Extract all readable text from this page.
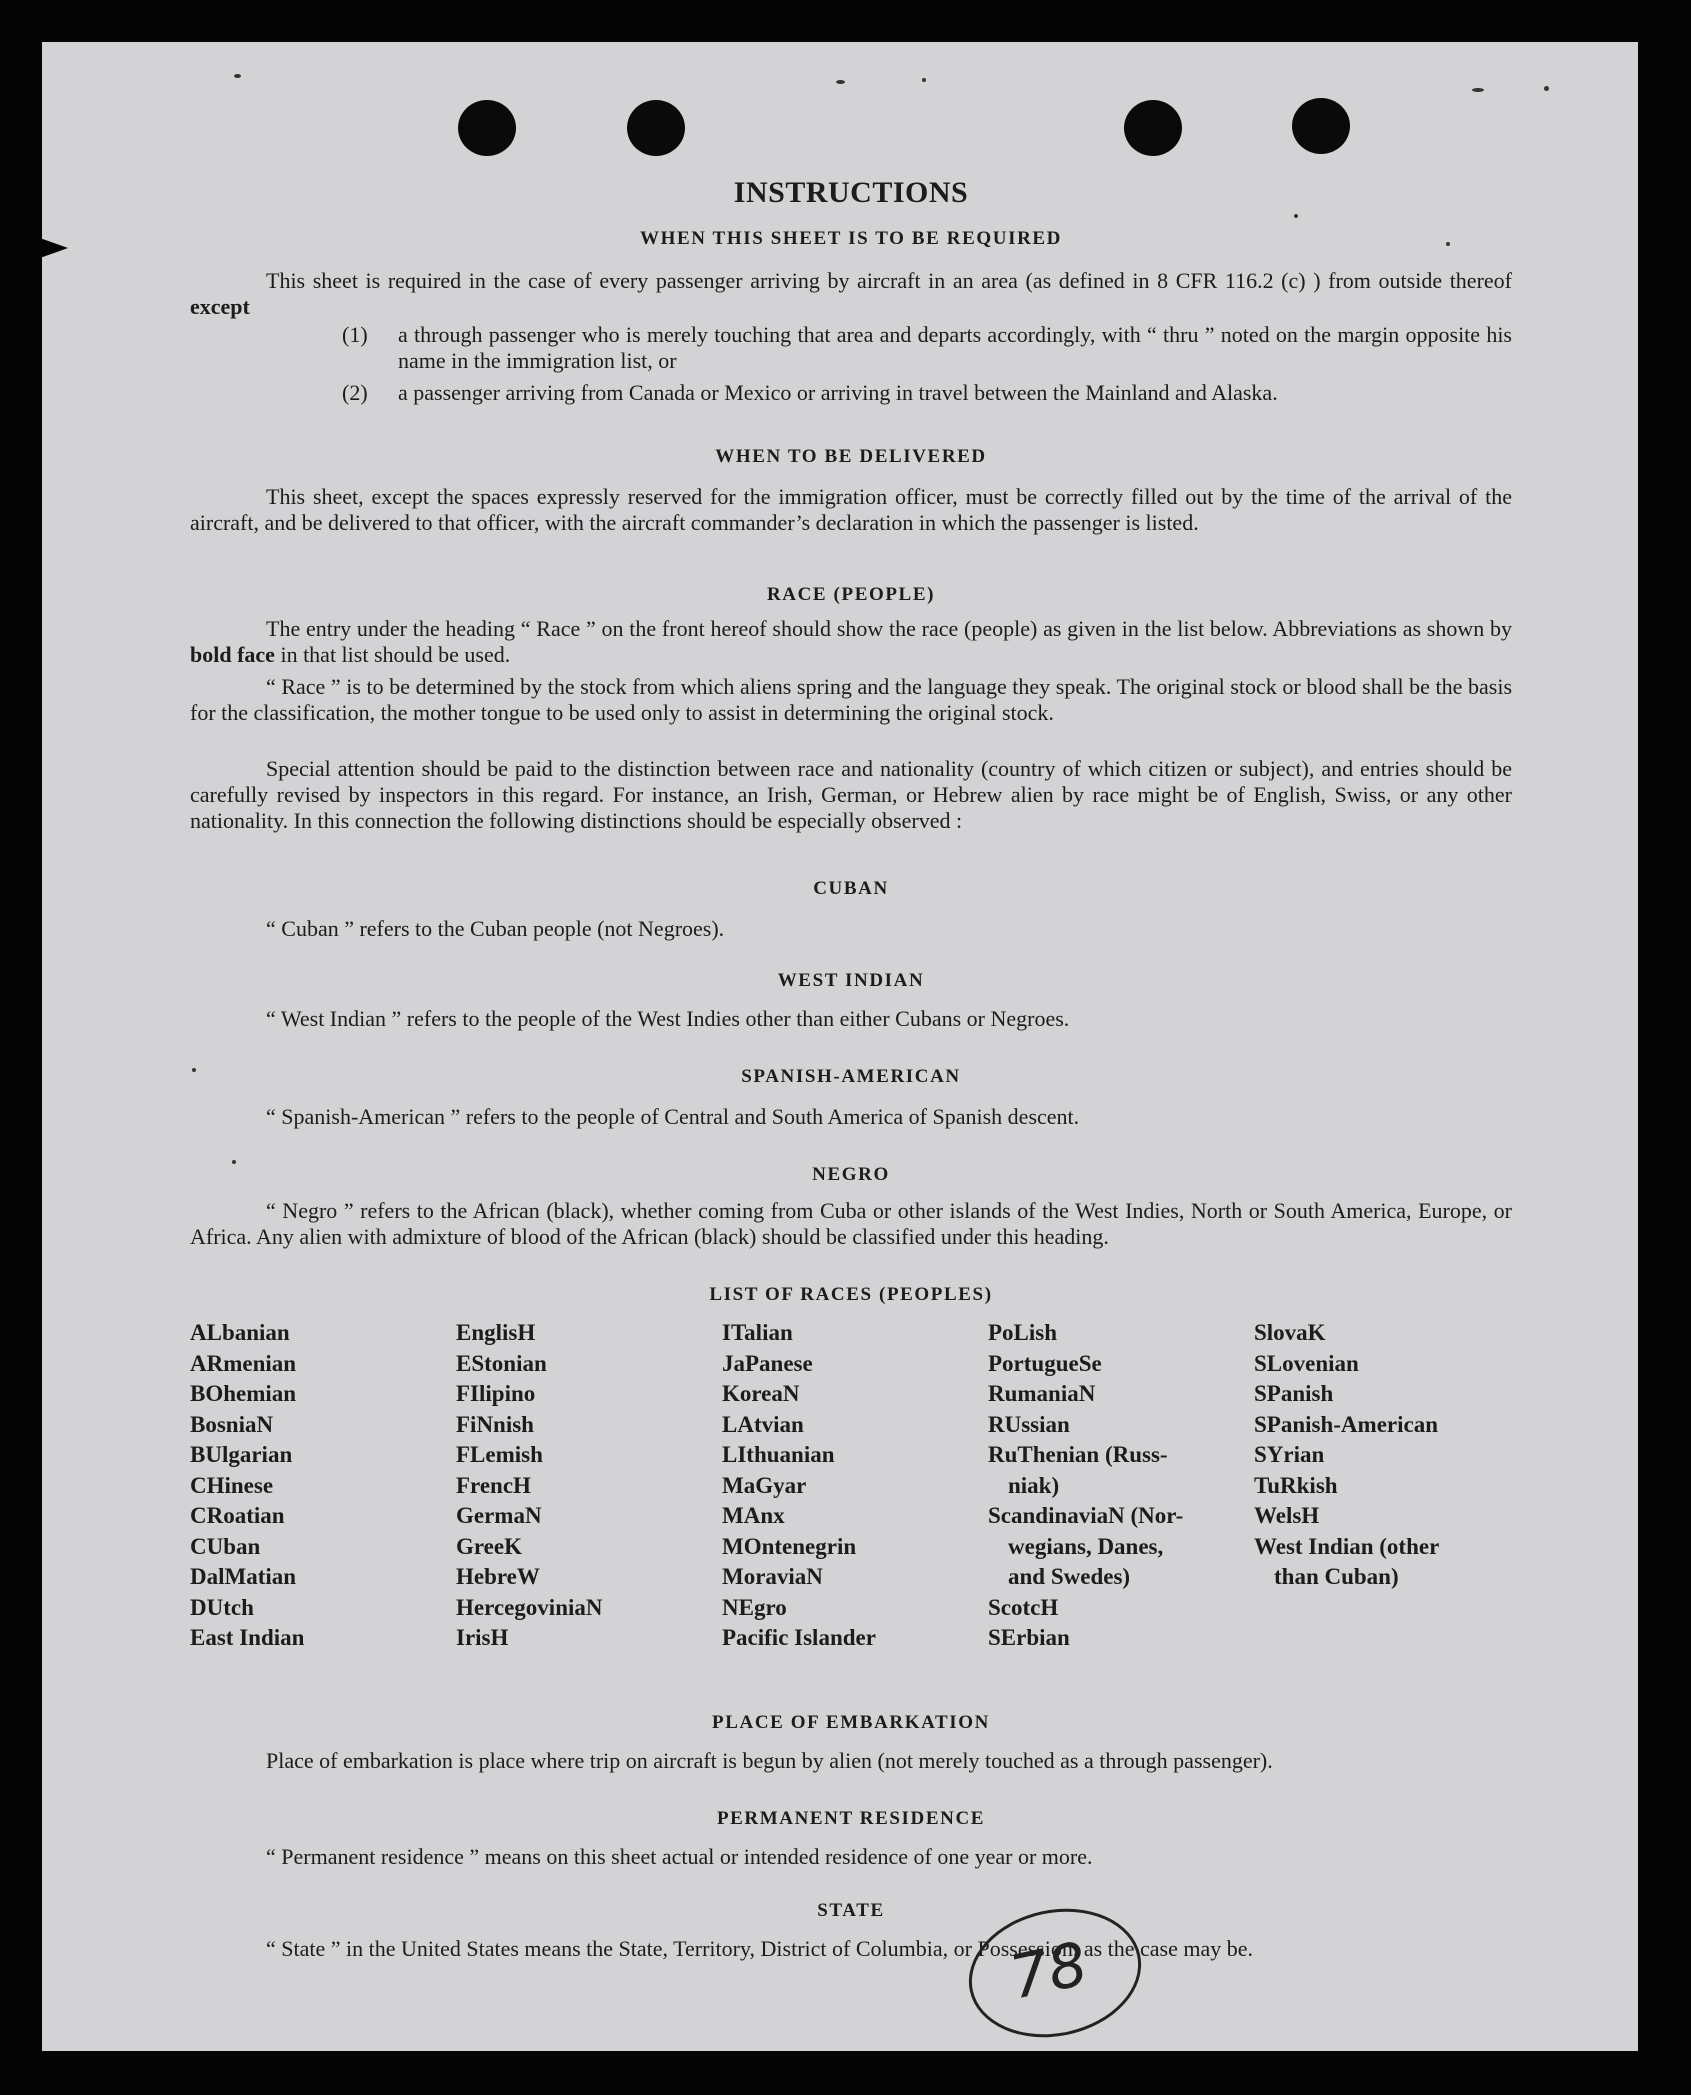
INSTRUCTIONS
WHEN THIS SHEET IS TO BE REQUIRED
This sheet is required in the case of every passenger arriving by aircraft in an area (as defined in 8 CFR 116.2 (c) ) from outside thereof except
(1) a through passenger who is merely touching that area and departs accordingly, with “ thru ” noted on the margin opposite his name in the immigration list, or
(2) a passenger arriving from Canada or Mexico or arriving in travel between the Mainland and Alaska.
WHEN TO BE DELIVERED
This sheet, except the spaces expressly reserved for the immigration officer, must be correctly filled out by the time of the arrival of the aircraft, and be delivered to that officer, with the aircraft commander’s declaration in which the passenger is listed.
RACE (PEOPLE)
The entry under the heading “ Race ” on the front hereof should show the race (people) as given in the list below. Abbreviations as shown by bold face in that list should be used.
“ Race ” is to be determined by the stock from which aliens spring and the language they speak. The original stock or blood shall be the basis for the classification, the mother tongue to be used only to assist in determining the original stock.
Special attention should be paid to the distinction between race and nationality (country of which citizen or subject), and entries should be carefully revised by inspectors in this regard. For instance, an Irish, German, or Hebrew alien by race might be of English, Swiss, or any other nationality. In this connection the following distinctions should be especially observed :
CUBAN
“ Cuban ” refers to the Cuban people (not Negroes).
WEST INDIAN
“ West Indian ” refers to the people of the West Indies other than either Cubans or Negroes.
SPANISH-AMERICAN
“ Spanish-American ” refers to the people of Central and South America of Spanish descent.
NEGRO
“ Negro ” refers to the African (black), whether coming from Cuba or other islands of the West Indies, North or South America, Europe, or Africa. Any alien with admixture of blood of the African (black) should be classified under this heading.
LIST OF RACES (PEOPLES)
ALbanian
ARmenian
BOhemian
BosniaN
BUlgarian
CHinese
CRoatian
CUban
DalMatian
DUtch
East Indian
EnglisH
EStonian
FIlipino
FiNnish
FLemish
FrencH
GermaN
GreeK
HebreW
HercegoviniaN
IrisH
ITalian
JaPanese
KoreaN
LAtvian
LIthuanian
MaGyar
MAnx
MOntenegrin
MoraviaN
NEgro
Pacific Islander
PoLish
PortugueSe
RumaniaN
RUssian
RuThenian (Russ-
niak)
ScandinaviaN (Nor-
wegians, Danes,
and Swedes)
ScotcH
SErbian
SlovaK
SLovenian
SPanish
SPanish-American
SYrian
TuRkish
WelsH
West Indian (other
than Cuban)
PLACE OF EMBARKATION
Place of embarkation is place where trip on aircraft is begun by alien (not merely touched as a through passenger).
PERMANENT RESIDENCE
“ Permanent residence ” means on this sheet actual or intended residence of one year or more.
STATE
“ State ” in the United States means the State, Territory, District of Columbia, or Possession, as the case may be.
78
